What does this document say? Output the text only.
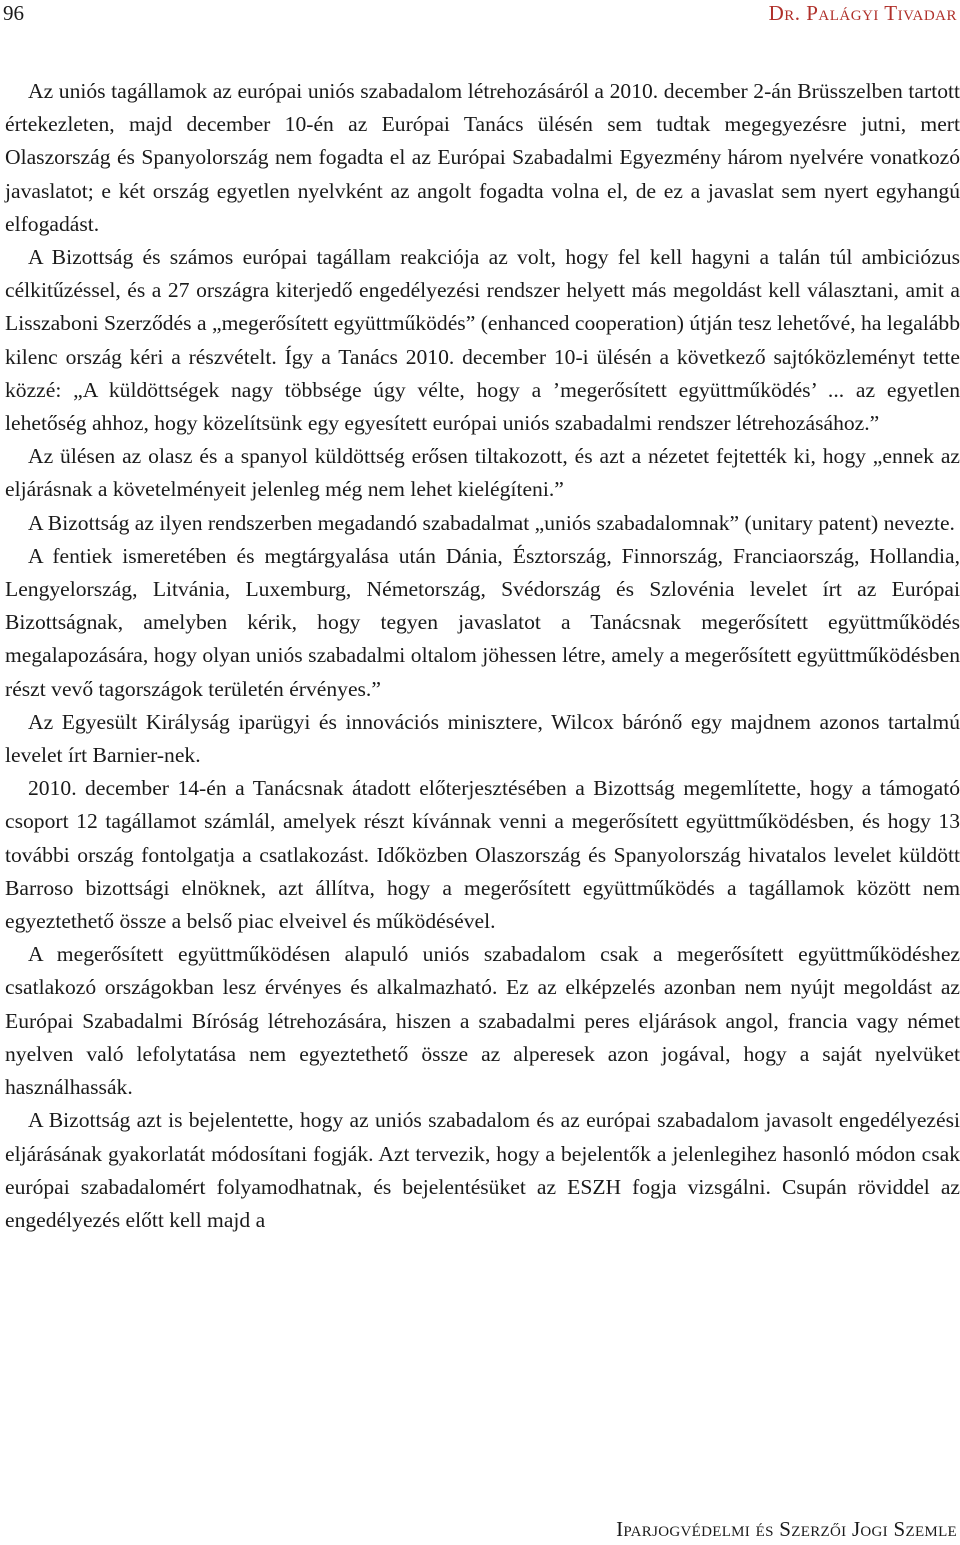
96	Dr. Palágyi Tivadar

Az uniós tagállamok az európai uniós szabadalom létrehozásáról a 2010. december 2-án Brüsszelben tartott értekezleten, majd december 10-én az Európai Tanács ülésén sem tudtak megegyezésre jutni, mert Olaszország és Spanyolország nem fogadta el az Európai Szabadalmi Egyezmény három nyelvére vonatkozó javaslatot; e két ország egyetlen nyelvként az angolt fogadta volna el, de ez a javaslat sem nyert egyhangú elfogadást.

A Bizottság és számos európai tagállam reakciója az volt, hogy fel kell hagyni a talán túl ambiciózus célkitűzéssel, és a 27 országra kiterjedő engedélyezési rendszer helyett más megoldást kell választani, amit a Lisszaboni Szerződés a „megerősített együttműködés” (enhanced cooperation) útján tesz lehetővé, ha legalább kilenc ország kéri a részvételt. Így a Tanács 2010. december 10-i ülésén a következő sajtóközleményt tette közzé: „A küldöttségek nagy többsége úgy vélte, hogy a ’megerősített együttműködés’ ... az egyetlen lehetőség ahhoz, hogy közelítsünk egy egyesített európai uniós szabadalmi rendszer létrehozásához.”

Az ülésen az olasz és a spanyol küldöttség erősen tiltakozott, és azt a nézetet fejtették ki, hogy „ennek az eljárásnak a követelményeit jelenleg még nem lehet kielégíteni.”

A Bizottság az ilyen rendszerben megadandó szabadalmat „uniós szabadalomnak” (unitary patent) nevezte.

A fentiek ismeretében és megtárgyalása után Dánia, Észtország, Finnország, Franciaország, Hollandia, Lengyelország, Litvánia, Luxemburg, Németország, Svédország és Szlovénia levelet írt az Európai Bizottságnak, amelyben kérik, hogy tegyen javaslatot a Tanácsnak megerősített együttműködés megalapozására, hogy olyan uniós szabadalmi oltalom jöhessen létre, amely a megerősített együttműködésben részt vevő tagországok területén érvényes.”

Az Egyesült Királyság iparügyi és innovációs minisztere, Wilcox bárónő egy majdnem azonos tartalmú levelet írt Barnier-nek.

2010. december 14-én a Tanácsnak átadott előterjesztésében a Bizottság megemlítette, hogy a támogató csoport 12 tagállamot számlál, amelyek részt kívánnak venni a megerősített együttműködésben, és hogy 13 további ország fontolgatja a csatlakozást. Időközben Olaszország és Spanyolország hivatalos levelet küldött Barroso bizottsági elnöknek, azt állítva, hogy a megerősített együttműködés a tagállamok között nem egyeztethető össze a belső piac elveivel és működésével.

A megerősített együttműködésen alapuló uniós szabadalom csak a megerősített együttműködéshez csatlakozó országokban lesz érvényes és alkalmazható. Ez az elképzelés azonban nem nyújt megoldást az Európai Szabadalmi Bíróság létrehozására, hiszen a szabadalmi peres eljárások angol, francia vagy német nyelven való lefolytatása nem egyeztethető össze az alperesek azon jogával, hogy a saját nyelvüket használhassák.

A Bizottság azt is bejelentette, hogy az uniós szabadalom és az európai szabadalom javasolt engedélyezési eljárásának gyakorlatát módosítani fogják. Azt tervezik, hogy a bejelentők a jelenlegihez hasonló módon csak európai szabadalomért folyamodhatnak, és bejelentésüket az ESZH fogja vizsgálni. Csupán röviddel az engedélyezés előtt kell majd a

Iparjogvédelmi és Szerzői Jogi Szemle
